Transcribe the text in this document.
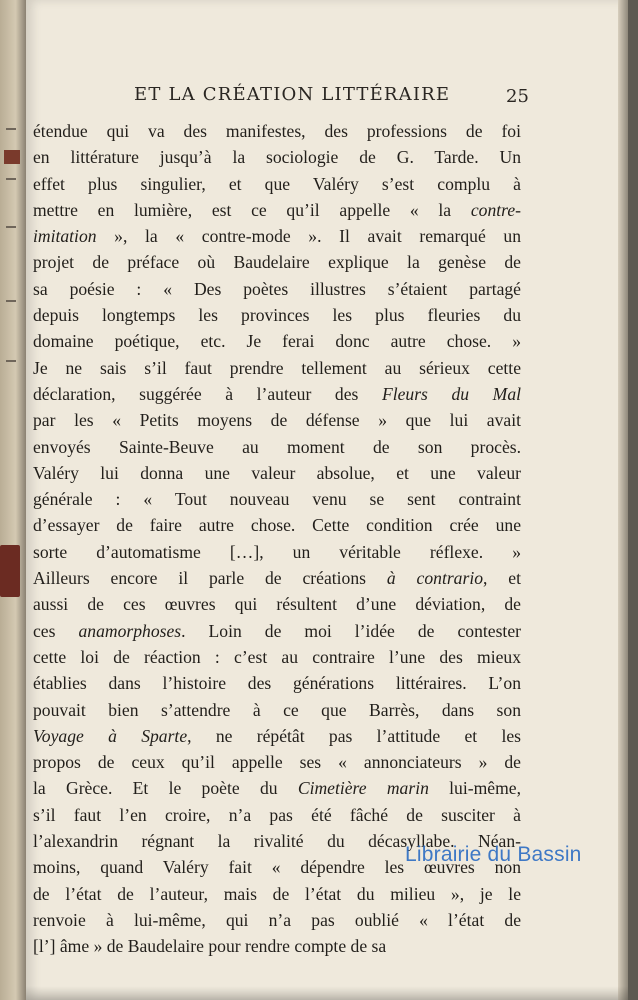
ET LA CRÉATION LITTÉRAIRE	25
étendue qui va des manifestes, des professions de foi
en littérature jusqu’à la sociologie de G. Tarde. Un
effet plus singulier, et que Valéry s’est complu à
mettre en lumière, est ce qu’il appelle « la contre-
imitation », la « contre-mode ». Il avait remarqué un
projet de préface où Baudelaire explique la genèse de
sa poésie : « Des poètes illustres s’étaient partagé
depuis longtemps les provinces les plus fleuries du
domaine poétique, etc. Je ferai donc autre chose. »
Je ne sais s’il faut prendre tellement au sérieux cette
déclaration, suggérée à l’auteur des Fleurs du Mal
par les « Petits moyens de défense » que lui avait
envoyés Sainte-Beuve au moment de son procès.
Valéry lui donna une valeur absolue, et une valeur
générale : « Tout nouveau venu se sent contraint
d’essayer de faire autre chose. Cette condition crée une
sorte d’automatisme […], un véritable réflexe. »
Ailleurs encore il parle de créations à contrario, et
aussi de ces œuvres qui résultent d’une déviation, de
ces anamorphoses. Loin de moi l’idée de contester
cette loi de réaction : c’est au contraire l’une des mieux
établies dans l’histoire des générations littéraires. L’on
pouvait bien s’attendre à ce que Barrès, dans son
Voyage à Sparte, ne répétât pas l’attitude et les
propos de ceux qu’il appelle ses « annonciateurs » de
la Grèce. Et le poète du Cimetière marin lui-même,
s’il faut l’en croire, n’a pas été fâché de susciter à
l’alexandrin régnant la rivalité du décasyllabe. Néan-
moins, quand Valéry fait « dépendre les œuvres non
de l’état de l’auteur, mais de l’état du milieu », je le
renvoie à lui-même, qui n’a pas oublié « l’état de
[l’] âme » de Baudelaire pour rendre compte de sa
Librairie du Bassin
